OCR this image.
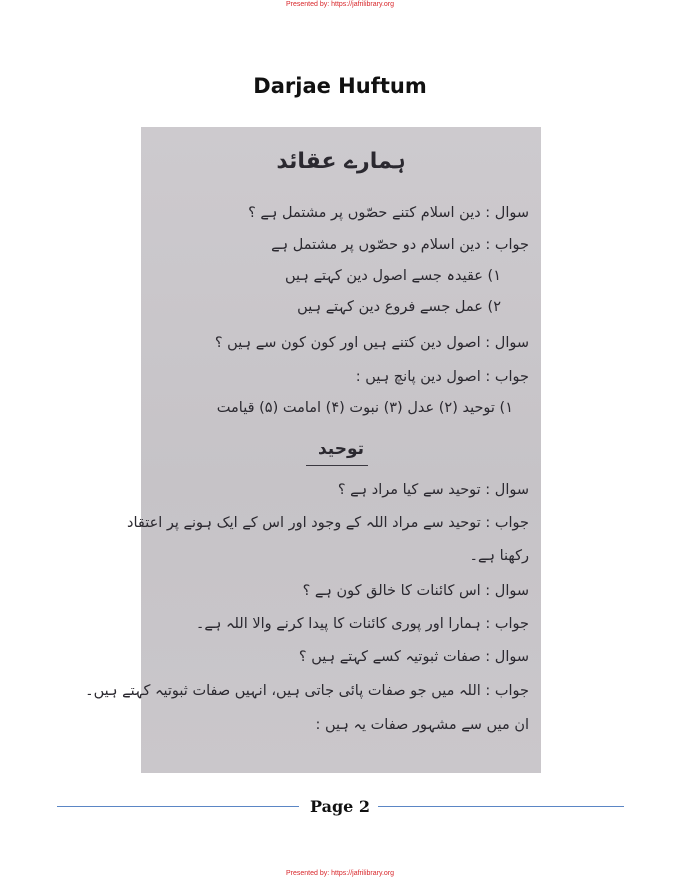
Presented by: https://jafrilibrary.org
Darjae Huftum
ہمارے عقائد
سوال : دین اسلام کتنے حصّوں پر مشتمل ہے ؟
جواب : دین اسلام دو حصّوں پر مشتمل ہے
۱) عقیدہ جسے اصول دین کہتے ہیں
۲) عمل جسے فروع دین کہتے ہیں
سوال : اصول دین کتنے ہیں اور کون کون سے ہیں ؟
جواب : اصول دین پانچ ہیں :
۱) توحید (۲) عدل (۳) نبوت (۴) امامت (۵) قیامت
توحید
سوال : توحید سے کیا مراد ہے ؟
جواب : توحید سے مراد اللہ کے وجود اور اس کے ایک ہونے پر اعتقاد
رکھنا ہے۔
سوال : اس کائنات کا خالق کون ہے ؟
جواب : ہمارا اور پوری کائنات کا پیدا کرنے والا اللہ ہے۔
سوال : صفات ثبوتیہ کسے کہتے ہیں ؟
جواب : اللہ میں جو صفات پائی جاتی ہیں، انہیں صفات ثبوتیہ کہتے ہیں۔
ان میں سے مشہور صفات یہ ہیں :
Page 2
Presented by: https://jafrilibrary.org
